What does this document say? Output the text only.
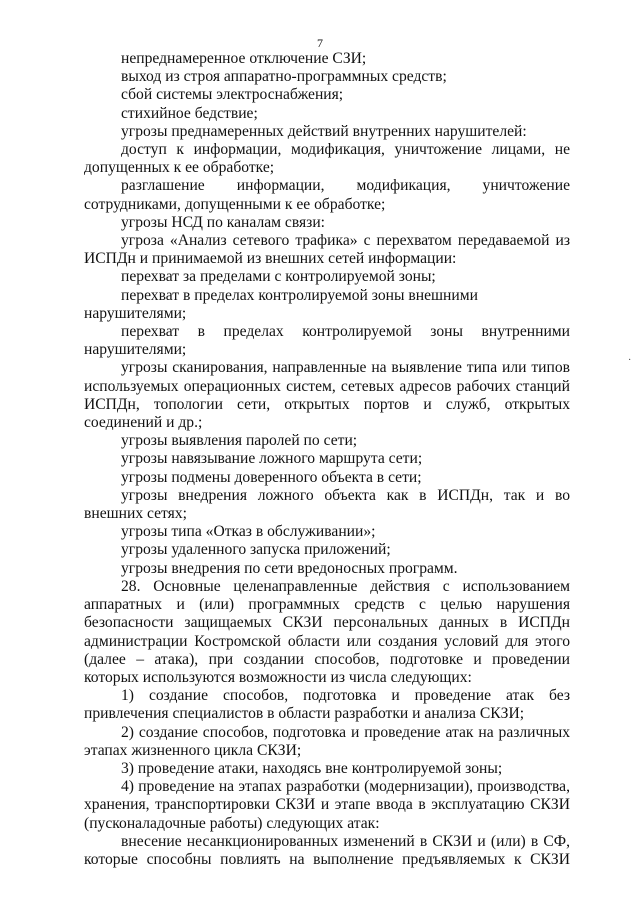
7

непреднамеренное отключение СЗИ;

выход из строя аппаратно-программных средств;

сбой системы электроснабжения;

стихийное бедствие;

угрозы преднамеренных действий внутренних нарушителей:

доступ к информации, модификация, уничтожение лицами, не допущенных к ее обработке;

разглашение информации, модификация, уничтожение сотрудниками, допущенными к ее обработке;

угрозы НСД по каналам связи:

угроза «Анализ сетевого трафика» с перехватом передаваемой из ИСПДн и принимаемой из внешних сетей информации:

перехват за пределами с контролируемой зоны;

перехват в пределах контролируемой зоны внешними нарушителями;

перехват в пределах контролируемой зоны внутренними нарушителями;

угрозы сканирования, направленные на выявление типа или типов используемых операционных систем, сетевых адресов рабочих станций ИСПДн, топологии сети, открытых портов и служб, открытых соединений и др.;

угрозы выявления паролей по сети;

угрозы навязывание ложного маршрута сети;

угрозы подмены доверенного объекта в сети;

угрозы внедрения ложного объекта как в ИСПДн, так и во внешних сетях;

угрозы типа «Отказ в обслуживании»;

угрозы удаленного запуска приложений;

угрозы внедрения по сети вредоносных программ.

28. Основные целенаправленные действия с использованием аппаратных и (или) программных средств с целью нарушения безопасности защищаемых СКЗИ персональных данных в ИСПДн администрации Костромской области или создания условий для этого (далее – атака), при создании способов, подготовке и проведении которых используются возможности из числа следующих:

1) создание способов, подготовка и проведение атак без привлечения специалистов в области разработки и анализа СКЗИ;

2) создание способов, подготовка и проведение атак на различных этапах жизненного цикла СКЗИ;

3) проведение атаки, находясь вне контролируемой зоны;

4) проведение на этапах разработки (модернизации), производства, хранения, транспортировки СКЗИ и этапе ввода в эксплуатацию СКЗИ (пусконаладочные работы) следующих атак:

внесение несанкционированных изменений в СКЗИ и (или) в СФ, которые способны повлиять на выполнение предъявляемых к СКЗИ

·
